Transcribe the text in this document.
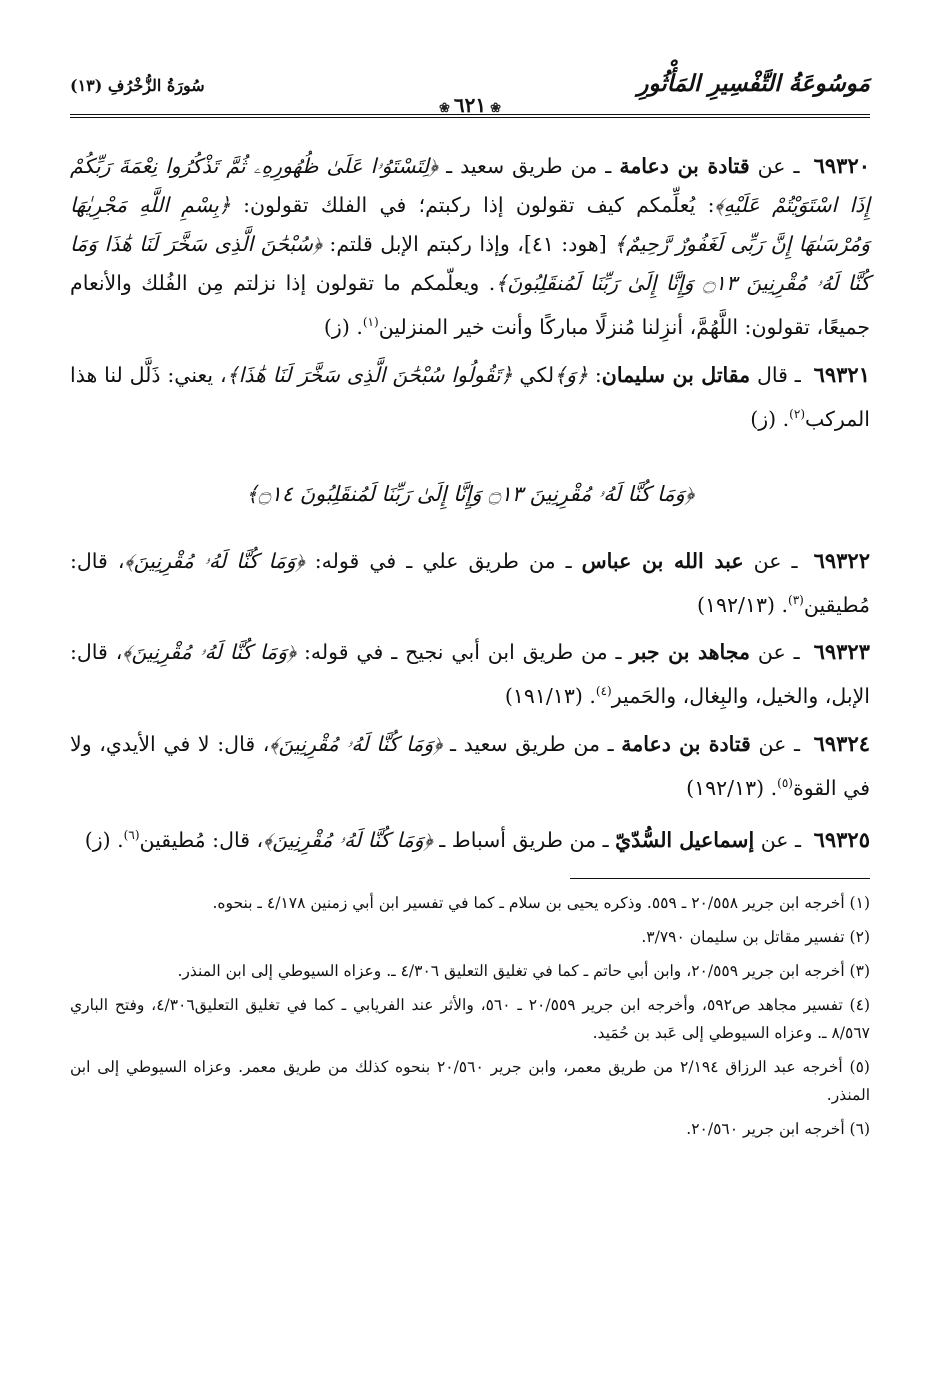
مَوسُوعَةُ التَّفْسِيرِ المَأْثُورِ
سُورَةُ الزُّخْرُفِ (١٣)
❀٦٢١❀

٦٩٣٢٠ ـ عن قتادة بن دعامة ـ من طريق سعيد ـ ﴿لِتَسْتَوُۥا عَلَىٰ ظُهُورِهِۦ ثُمَّ تَذْكُرُوا نِعْمَةَ رَبِّكُمْ إِذَا اسْتَوَيْتُمْ عَلَيْهِ﴾: يُعلِّمكم كيف تقولون إذا ركبتم؛ في الفلك تقولون: ﴿بِسْمِ اللَّهِ مَجْرِيٰهَا وَمُرْسَىٰهَا إِنَّ رَبِّى لَغَفُورٌ رَّحِيمٌ﴾ [هود: ٤١]، وإذا ركبتم الإبل قلتم: ﴿سُبْحَٰنَ الَّذِى سَخَّرَ لَنَا هَٰذَا وَمَا كُنَّا لَهُۥ مُقْرِنِينَ ۝١٣ وَإِنَّا إِلَىٰ رَبِّنَا لَمُنقَلِبُونَ﴾. ويعلّمكم ما تقولون إذا نزلتم مِن الفُلك والأنعام جميعًا، تقولون: اللَّهُمَّ، أنزِلنا مُنزلًا مباركًا وأنت خير المنزلين$^{(١)}$. (ز)

٦٩٣٢١ ـ قال مقاتل بن سليمان: ﴿وَ﴾لكي ﴿تَقُولُوا سُبْحَٰنَ الَّذِى سَخَّرَ لَنَا هَٰذَا﴾، يعني: ذَلَّل لنا هذا المركب$^{(٢)}$. (ز)

﴿وَمَا كُنَّا لَهُۥ مُقْرِنِينَ ۝١٣ وَإِنَّا إِلَىٰ رَبِّنَا لَمُنقَلِبُونَ ۝١٤﴾

٦٩٣٢٢ ـ عن عبد الله بن عباس ـ من طريق علي ـ في قوله: ﴿وَمَا كُنَّا لَهُۥ مُقْرِنِينَ﴾، قال: مُطيقين$^{(٣)}$. (١٩٢/١٣)

٦٩٣٢٣ ـ عن مجاهد بن جبر ـ من طريق ابن أبي نجيح ـ في قوله: ﴿وَمَا كُنَّا لَهُۥ مُقْرِنِينَ﴾، قال: الإبل، والخيل، والبِغال، والحَمير$^{(٤)}$. (١٩١/١٣)

٦٩٣٢٤ ـ عن قتادة بن دعامة ـ من طريق سعيد ـ ﴿وَمَا كُنَّا لَهُۥ مُقْرِنِينَ﴾، قال: لا في الأيدي، ولا في القوة$^{(٥)}$. (١٩٢/١٣)

٦٩٣٢٥ ـ عن إسماعيل السُّدّيّ ـ من طريق أسباط ـ ﴿وَمَا كُنَّا لَهُۥ مُقْرِنِينَ﴾، قال: مُطيقين$^{(٦)}$. (ز)

(١) أخرجه ابن جرير ٢٠/٥٥٨ ـ ٥٥٩. وذكره يحيى بن سلام ـ كما في تفسير ابن أبي زمنين ٤/١٧٨ ـ بنحوه.

(٢) تفسير مقاتل بن سليمان ٣/٧٩٠.

(٣) أخرجه ابن جرير ٢٠/٥٥٩، وابن أبي حاتم ـ كما في تغليق التعليق ٤/٣٠٦ ـ. وعزاه السيوطي إلى ابن المنذر.

(٤) تفسير مجاهد ص٥٩٢، وأخرجه ابن جرير ٢٠/٥٥٩ ـ ٥٦٠، والأثر عند الفريابي ـ كما في تغليق التعليق٤/٣٠٦، وفتح الباري ٨/٥٦٧ ـ. وعزاه السيوطي إلى عَبد بن حُمَيد.

(٥) أخرجه عبد الرزاق ٢/١٩٤ من طريق معمر، وابن جرير ٢٠/٥٦٠ بنحوه كذلك من طريق معمر. وعزاه السيوطي إلى ابن المنذر.

(٦) أخرجه ابن جرير ٢٠/٥٦٠.
